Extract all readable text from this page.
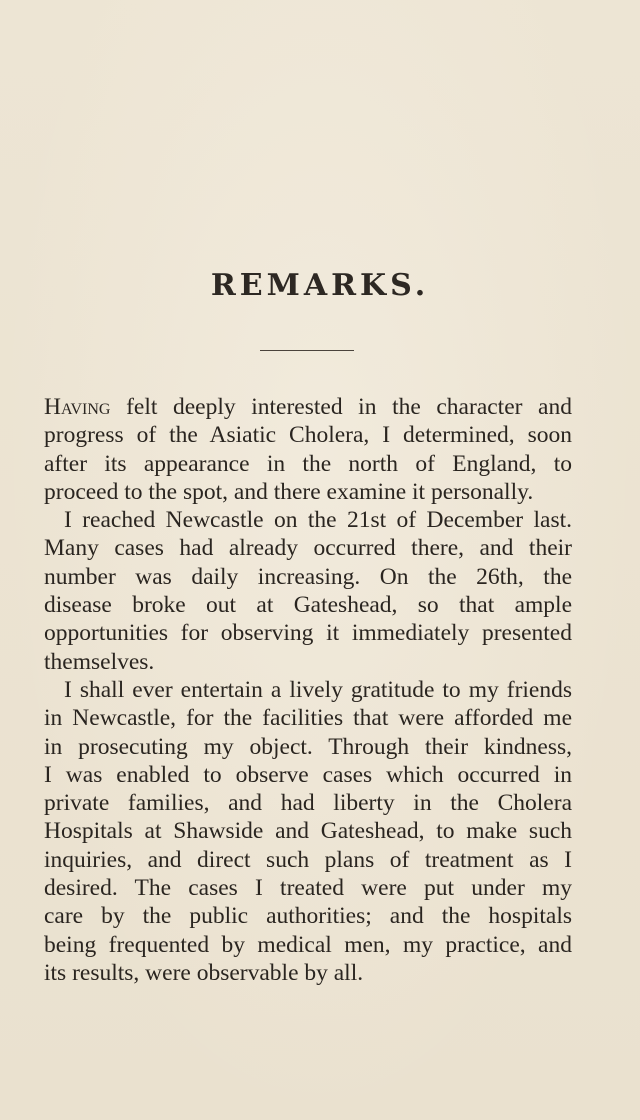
REMARKS.
Having felt deeply interested in the character and
progress of the Asiatic Cholera, I determined, soon
after its appearance in the north of England, to
proceed to the spot, and there examine it personally.
I reached Newcastle on the 21st of December last.
Many cases had already occurred there, and their
number was daily increasing. On the 26th, the
disease broke out at Gateshead, so that ample
opportunities for observing it immediately presented
themselves.
I shall ever entertain a lively gratitude to my friends
in Newcastle, for the facilities that were afforded me
in prosecuting my object. Through their kindness,
I was enabled to observe cases which occurred in
private families, and had liberty in the Cholera
Hospitals at Shawside and Gateshead, to make such
inquiries, and direct such plans of treatment as I
desired. The cases I treated were put under my
care by the public authorities; and the hospitals
being frequented by medical men, my practice, and
its results, were observable by all.
